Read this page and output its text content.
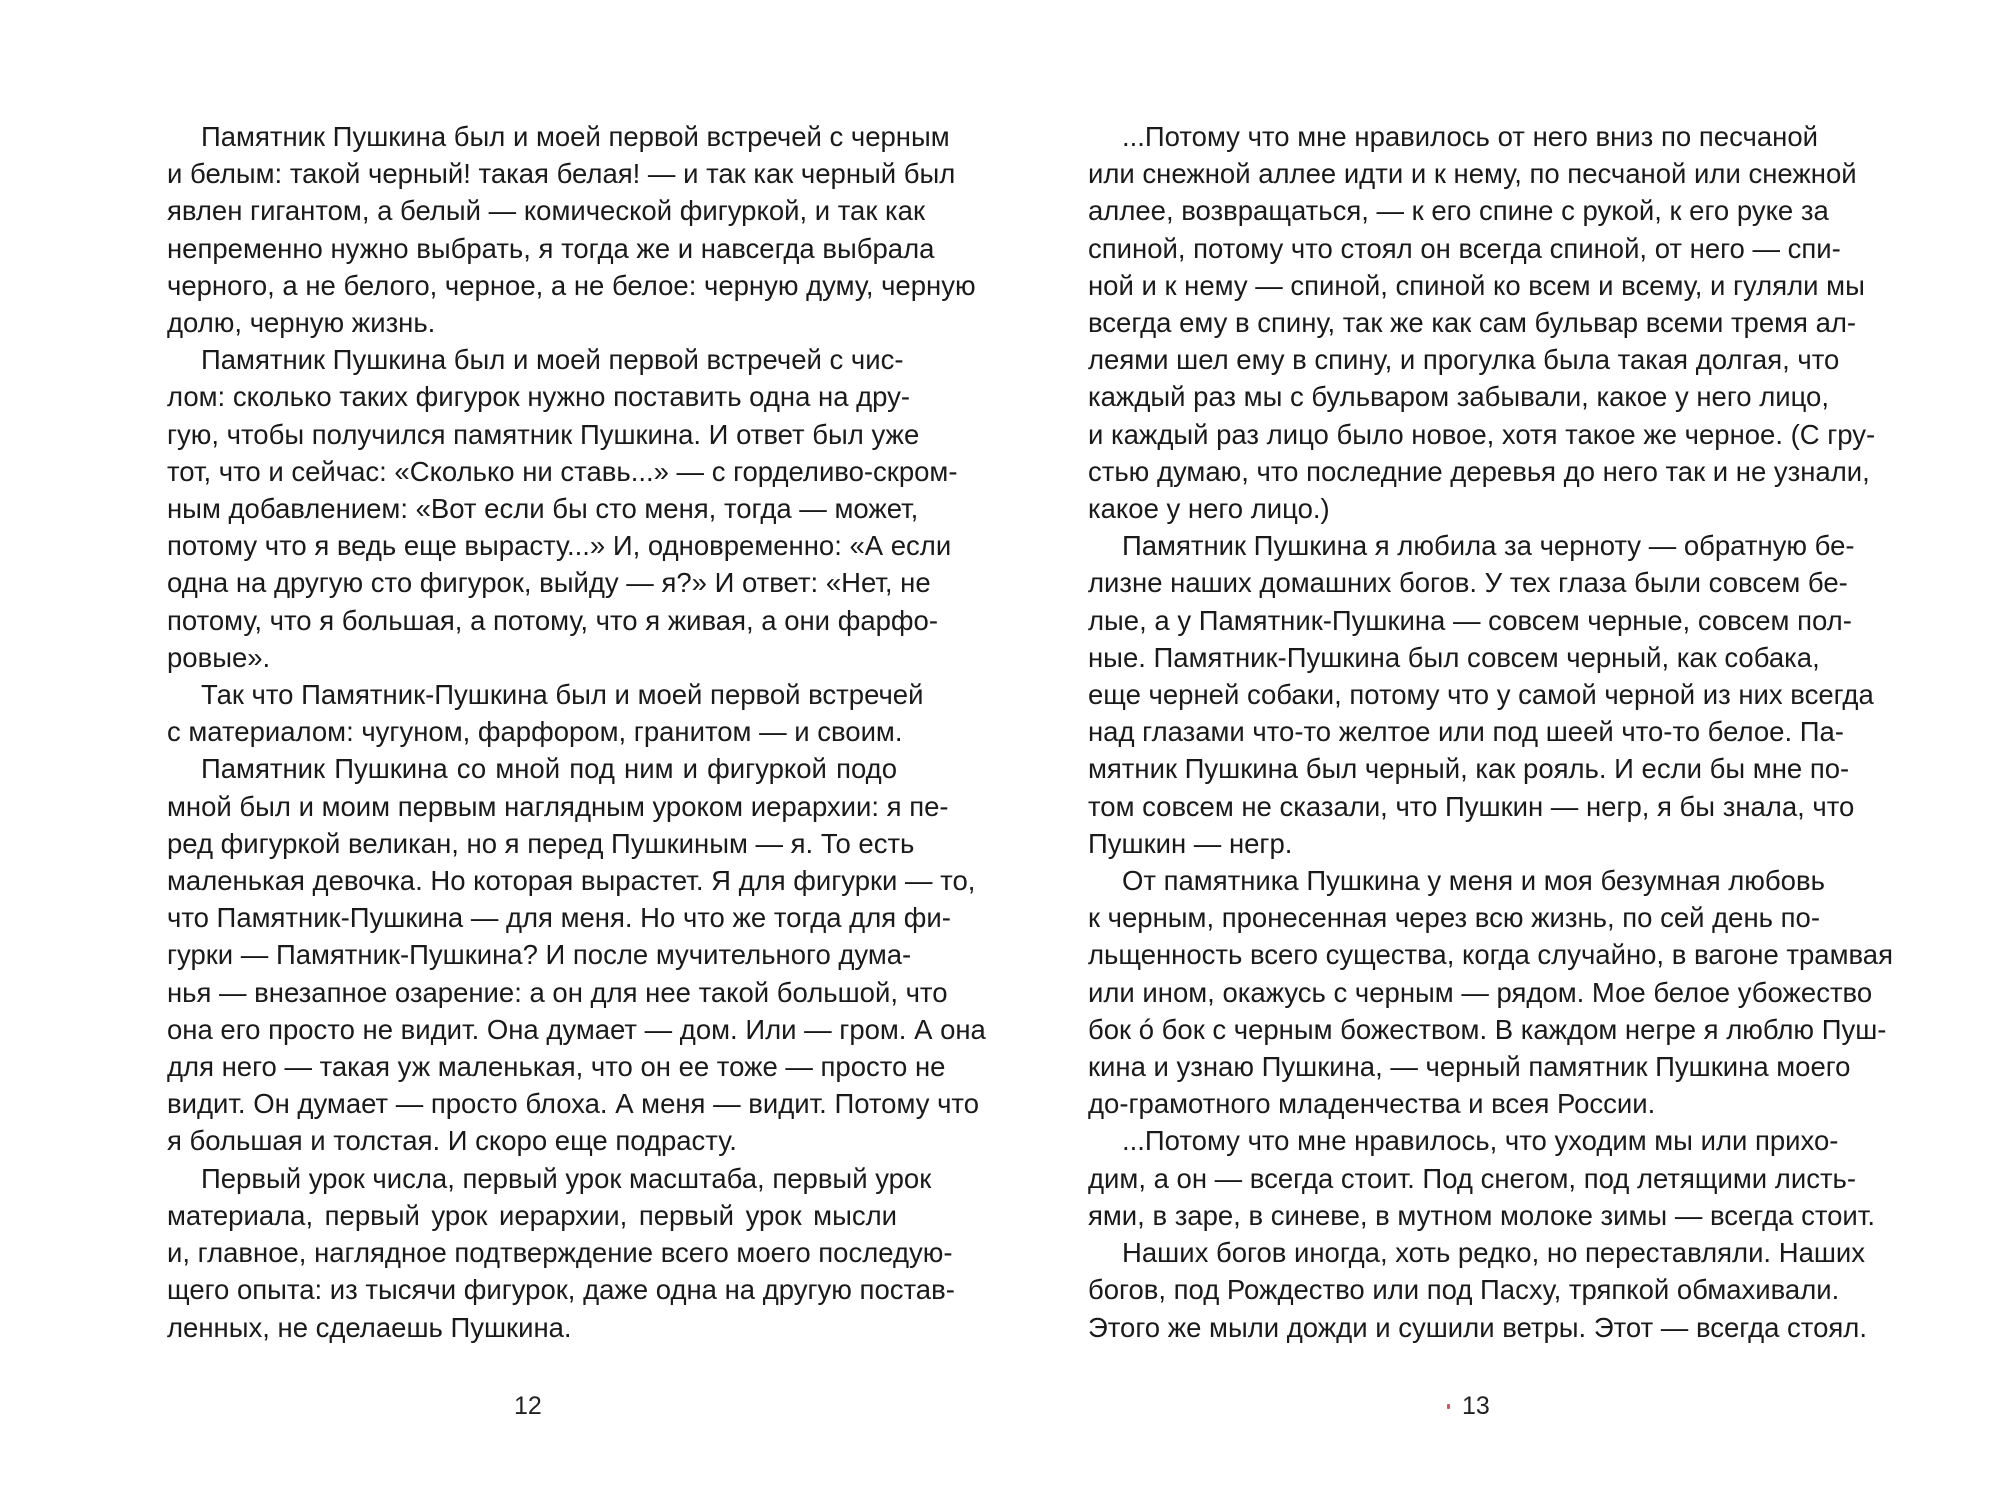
Памятник Пушкина был и моей первой встречей с черным
и белым: такой черный! такая белая! — и так как черный был
явлен гигантом, а белый — комической фигуркой, и так как
непременно нужно выбрать, я тогда же и навсегда выбрала
черного, а не белого, черное, а не белое: черную думу, черную
долю, черную жизнь.
Памятник Пушкина был и моей первой встречей с чис-
лом: сколько таких фигурок нужно поставить одна на дру-
гую, чтобы получился памятник Пушкина. И ответ был уже
тот, что и сейчас: «Сколько ни ставь...» — с горделиво-скром-
ным добавлением: «Вот если бы сто меня, тогда — может,
потому что я ведь еще вырасту...» И, одновременно: «А если
одна на другую сто фигурок, выйду — я?» И ответ: «Нет, не
потому, что я большая, а потому, что я живая, а они фарфо-
ровые».
Так что Памятник-Пушкина был и моей первой встречей
с материалом: чугуном, фарфором, гранитом — и своим.
Памятник Пушкина со мной под ним и фигуркой подо
мной был и моим первым наглядным уроком иерархии: я пе-
ред фигуркой великан, но я перед Пушкиным — я. То есть
маленькая девочка. Но которая вырастет. Я для фигурки — то,
что Памятник-Пушкина — для меня. Но что же тогда для фи-
гурки — Памятник-Пушкина? И после мучительного дума-
нья — внезапное озарение: а он для нее такой большой, что
она его просто не видит. Она думает — дом. Или — гром. А она
для него — такая уж маленькая, что он ее тоже — просто не
видит. Он думает — просто блоха. А меня — видит. Потому что
я большая и толстая. И скоро еще подрасту.
Первый урок числа, первый урок масштаба, первый урок
материала, первый урок иерархии, первый урок мысли
и, главное, наглядное подтверждение всего моего последую-
щего опыта: из тысячи фигурок, даже одна на другую постав-
ленных, не сделаешь Пушкина.
12
...Потому что мне нравилось от него вниз по песчаной
или снежной аллее идти и к нему, по песчаной или снежной
аллее, возвращаться, — к его спине с рукой, к его руке за
спиной, потому что стоял он всегда спиной, от него — спи-
ной и к нему — спиной, спиной ко всем и всему, и гуляли мы
всегда ему в спину, так же как сам бульвар всеми тремя ал-
леями шел ему в спину, и прогулка была такая долгая, что
каждый раз мы с бульваром забывали, какое у него лицо,
и каждый раз лицо было новое, хотя такое же черное. (С гру-
стью думаю, что последние деревья до него так и не узнали,
какое у него лицо.)
Памятник Пушкина я любила за черноту — обратную бе-
лизне наших домашних богов. У тех глаза были совсем бе-
лые, а у Памятник-Пушкина — совсем черные, совсем пол-
ные. Памятник-Пушкина был совсем черный, как собака,
еще черней собаки, потому что у самой черной из них всегда
над глазами что-то желтое или под шеей что-то белое. Па-
мятник Пушкина был черный, как рояль. И если бы мне по-
том совсем не сказали, что Пушкин — негр, я бы знала, что
Пушкин — негр.
От памятника Пушкина у меня и моя безумная любовь
к черным, пронесенная через всю жизнь, по сей день по-
льщенность всего существа, когда случайно, в вагоне трамвая
или ином, окажусь с черным — рядом. Мое белое убожество
бок ó бок с черным божеством. В каждом негре я люблю Пуш-
кина и узнаю Пушкина, — черный памятник Пушкина моего
до-грамотного младенчества и всея России.
...Потому что мне нравилось, что уходим мы или прихо-
дим, а он — всегда стоит. Под снегом, под летящими листь-
ями, в заре, в синеве, в мутном молоке зимы — всегда стоит.
Наших богов иногда, хоть редко, но переставляли. Наших
богов, под Рождество или под Пасху, тряпкой обмахивали.
Этого же мыли дожди и сушили ветры. Этот — всегда стоял.
13
